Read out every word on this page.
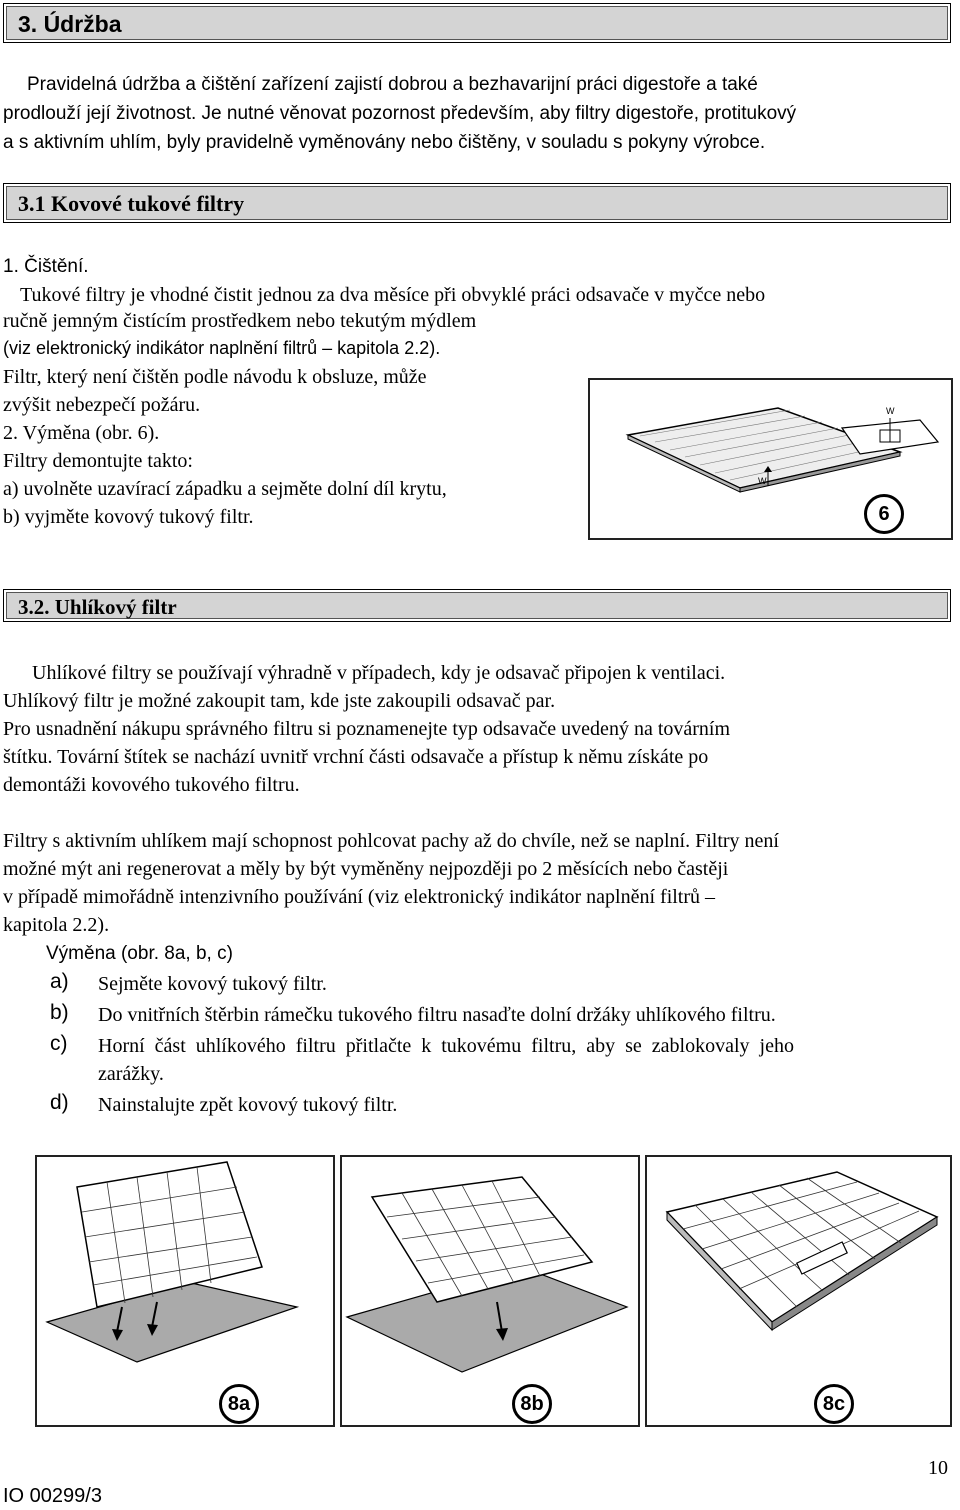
3. Údržba

Pravidelná údržba a čištění zařízení zajistí dobrou a bezhavarijní práci digestoře a také

prodlouží její životnost. Je nutné věnovat pozornost především, aby filtry digestoře, protitukový

a s aktivním uhlím, byly pravidelně vyměnovány nebo čištěny, v souladu s pokyny výrobce.

3.1 Kovové tukové filtry

1. Čištění.

Tukové filtry je vhodné čistit jednou za dva měsíce při obvyklé práci odsavače v myčce nebo

ručně jemným čistícím prostředkem nebo tekutým mýdlem

(viz elektronický indikátor naplnění filtrů – kapitola 2.2).

Filtr, který není čištěn podle návodu k obsluze, může

zvýšit nebezpečí požáru.

2. Výměna (obr. 6).

Filtry demontujte takto:

a) uvolněte uzavírací západku a sejměte dolní díl krytu,

b) vyjměte kovový tukový filtr.

W
W
6
3.2. Uhlíkový filtr

Uhlíkové filtry se používají výhradně v případech, kdy je odsavač připojen k ventilaci.

Uhlíkový filtr je možné zakoupit tam, kde jste zakoupili odsavač par.

Pro usnadnění nákupu správného filtru si poznamenejte typ odsavače uvedený na továrním

štítku. Tovární štítek se nachází uvnitř vrchní části odsavače a přístup k němu získáte po

demontáži kovového tukového filtru.

Filtry s aktivním uhlíkem mají schopnost pohlcovat pachy až do chvíle, než se naplní. Filtry není

možné mýt ani regenerovat a měly by být vyměněny nejpozději po 2 měsících nebo častěji

v případě mimořádně intenzivního používání (viz elektronický indikátor naplnění filtrů –

kapitola 2.2).

Výměna (obr. 8a, b, c)

a) Sejměte kovový tukový filtr.
b) Do vnitřních štěrbin rámečku tukového filtru nasaďte dolní držáky uhlíkového filtru.
c) Horní část uhlíkového filtru přitlačte k tukovému filtru, aby se zablokovaly jeho
zarážky.
d) Nainstalujte zpět kovový tukový filtr.
8a	8b	8c
IO 00299/3
10
